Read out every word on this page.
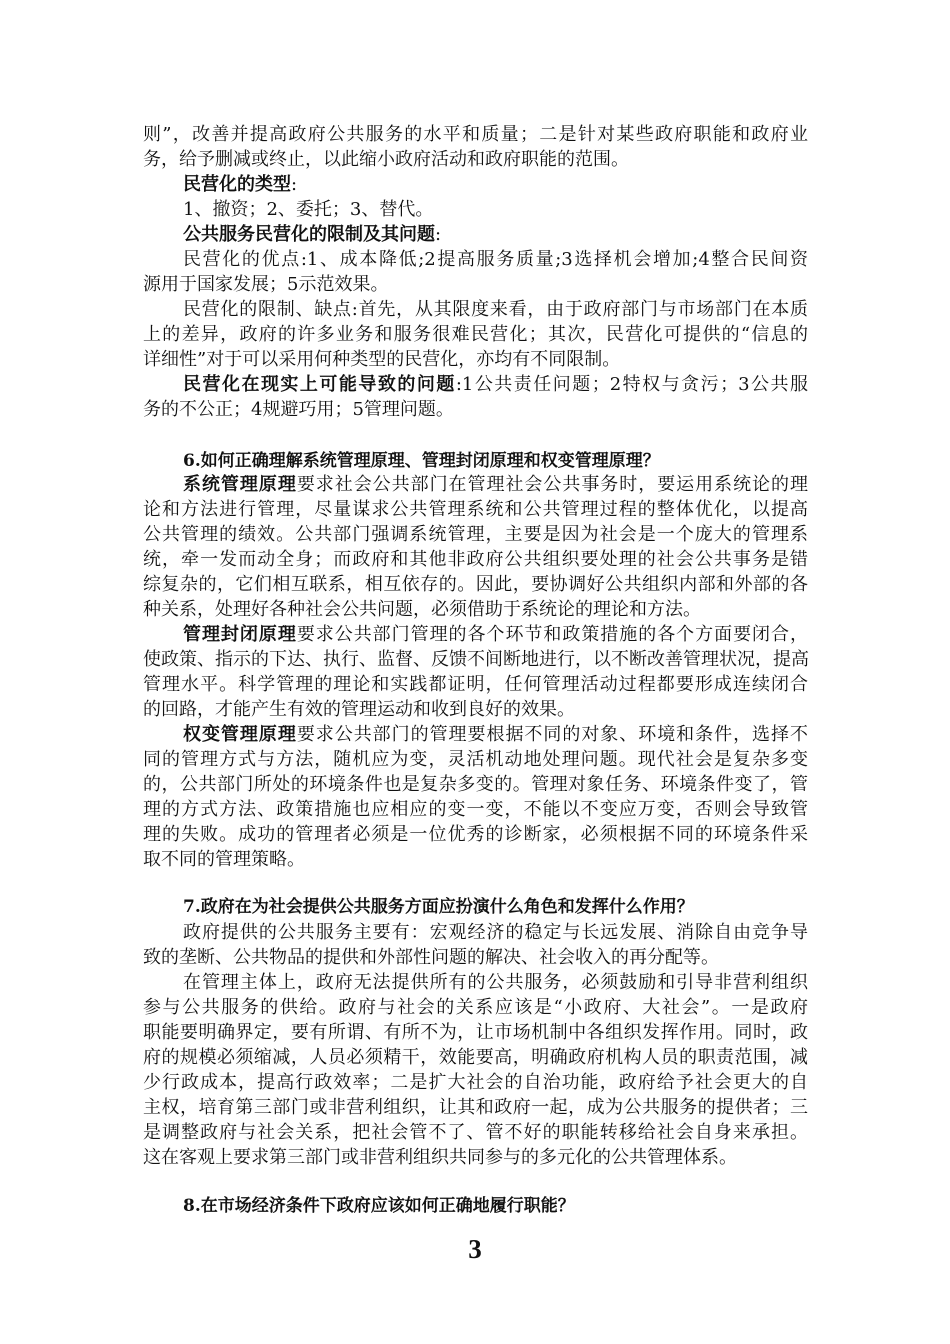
则”，改善并提高政府公共服务的水平和质量；二是针对某些政府职能和政府业
务，给予删减或终止，以此缩小政府活动和政府职能的范围。
民营化的类型:
1、撤资；2、委托；3、替代。
公共服务民营化的限制及其问题:
民营化的优点:1、成本降低;2提高服务质量;3选择机会增加;4整合民间资
源用于国家发展；5示范效果。
民营化的限制、缺点:首先，从其限度来看，由于政府部门与市场部门在本质
上的差异，政府的许多业务和服务很难民营化；其次，民营化可提供的“信息的
详细性”对于可以采用何种类型的民营化，亦均有不同限制。
民营化在现实上可能导致的问题:1公共责任问题；2特权与贪污；3公共服
务的不公正；4规避巧用；5管理问题。
6.如何正确理解系统管理原理、管理封闭原理和权变管理原理？
系统管理原理要求社会公共部门在管理社会公共事务时，要运用系统论的理
论和方法进行管理，尽量谋求公共管理系统和公共管理过程的整体优化，以提高
公共管理的绩效。公共部门强调系统管理，主要是因为社会是一个庞大的管理系
统，牵一发而动全身；而政府和其他非政府公共组织要处理的社会公共事务是错
综复杂的，它们相互联系，相互依存的。因此，要协调好公共组织内部和外部的各
种关系，处理好各种社会公共问题，必须借助于系统论的理论和方法。
管理封闭原理要求公共部门管理的各个环节和政策措施的各个方面要闭合，
使政策、指示的下达、执行、监督、反馈不间断地进行，以不断改善管理状况，提高
管理水平。科学管理的理论和实践都证明，任何管理活动过程都要形成连续闭合
的回路，才能产生有效的管理运动和收到良好的效果。
权变管理原理要求公共部门的管理要根据不同的对象、环境和条件，选择不
同的管理方式与方法，随机应为变，灵活机动地处理问题。现代社会是复杂多变
的，公共部门所处的环境条件也是复杂多变的。管理对象任务、环境条件变了，管
理的方式方法、政策措施也应相应的变一变，不能以不变应万变，否则会导致管
理的失败。成功的管理者必须是一位优秀的诊断家，必须根据不同的环境条件采
取不同的管理策略。
7.政府在为社会提供公共服务方面应扮演什么角色和发挥什么作用？
政府提供的公共服务主要有：宏观经济的稳定与长远发展、消除自由竞争导
致的垄断、公共物品的提供和外部性问题的解决、社会收入的再分配等。
在管理主体上，政府无法提供所有的公共服务，必须鼓励和引导非营利组织
参与公共服务的供给。政府与社会的关系应该是“小政府、大社会”。一是政府
职能要明确界定，要有所谓、有所不为，让市场机制中各组织发挥作用。同时，政
府的规模必须缩减，人员必须精干，效能要高，明确政府机构人员的职责范围，减
少行政成本，提高行政效率；二是扩大社会的自治功能，政府给予社会更大的自
主权，培育第三部门或非营利组织，让其和政府一起，成为公共服务的提供者；三
是调整政府与社会关系，把社会管不了、管不好的职能转移给社会自身来承担。
这在客观上要求第三部门或非营利组织共同参与的多元化的公共管理体系。
8.在市场经济条件下政府应该如何正确地履行职能？
3
